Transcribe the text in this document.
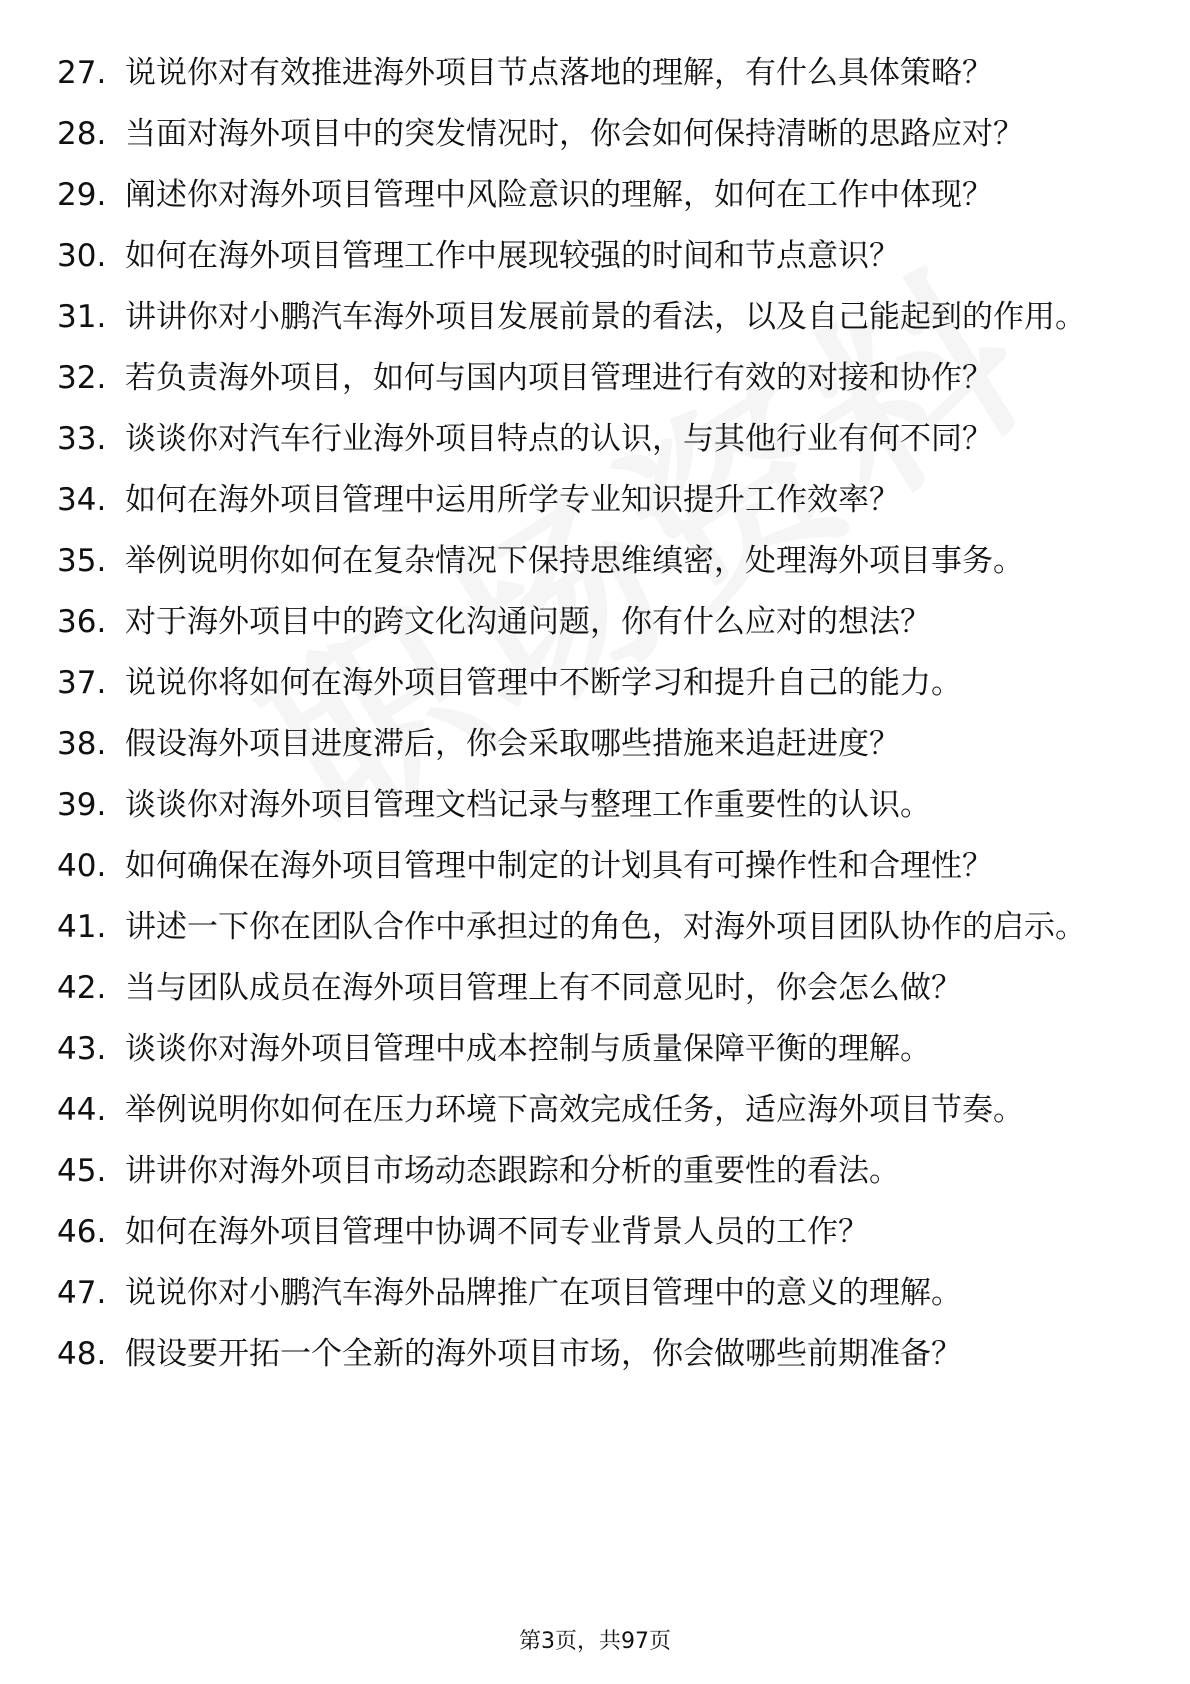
27. 说说你对有效推进海外项目节点落地的理解，有什么具体策略？
28. 当面对海外项目中的突发情况时，你会如何保持清晰的思路应对？
29. 阐述你对海外项目管理中风险意识的理解，如何在工作中体现？
30. 如何在海外项目管理工作中展现较强的时间和节点意识？
31. 讲讲你对小鹏汽车海外项目发展前景的看法，以及自己能起到的作用。
32. 若负责海外项目，如何与国内项目管理进行有效的对接和协作？
33. 谈谈你对汽车行业海外项目特点的认识，与其他行业有何不同？
34. 如何在海外项目管理中运用所学专业知识提升工作效率？
35. 举例说明你如何在复杂情况下保持思维缜密，处理海外项目事务。
36. 对于海外项目中的跨文化沟通问题，你有什么应对的想法？
37. 说说你将如何在海外项目管理中不断学习和提升自己的能力。
38. 假设海外项目进度滞后，你会采取哪些措施来追赶进度？
39. 谈谈你对海外项目管理文档记录与整理工作重要性的认识。
40. 如何确保在海外项目管理中制定的计划具有可操作性和合理性？
41. 讲述一下你在团队合作中承担过的角色，对海外项目团队协作的启示。
42. 当与团队成员在海外项目管理上有不同意见时，你会怎么做？
43. 谈谈你对海外项目管理中成本控制与质量保障平衡的理解。
44. 举例说明你如何在压力环境下高效完成任务，适应海外项目节奏。
45. 讲讲你对海外项目市场动态跟踪和分析的重要性的看法。
46. 如何在海外项目管理中协调不同专业背景人员的工作？
47. 说说你对小鹏汽车海外品牌推广在项目管理中的意义的理解。
48. 假设要开拓一个全新的海外项目市场，你会做哪些前期准备？
第3页，共97页
